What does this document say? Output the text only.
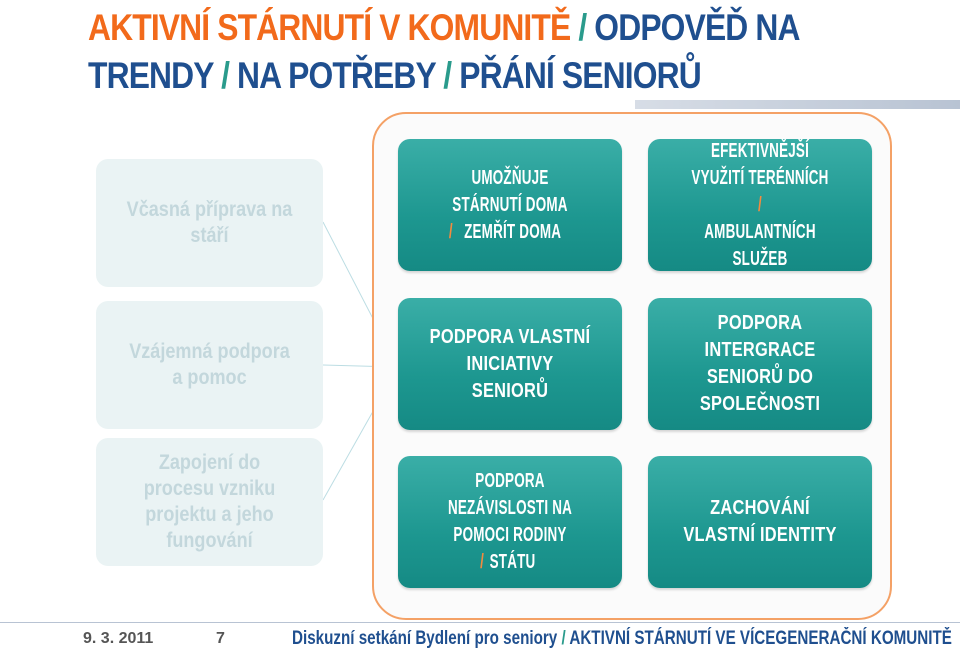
AKTIVNÍ STÁRNUTÍ V KOMUNITĚ / ODPOVĚĎ NA
TRENDY / NA POTŘEBY / PŘÁNÍ SENIORŮ
Včasná příprava na stáří
Vzájemná podpora a pomoc
Zapojení do procesu vzniku projektu a jeho fungování
UMOŽŇUJE STÁRNUTÍ DOMA/ZEMŘÍT DOMA
EFEKTIVNĚJŠÍ VYUŽITÍ TERÉNNÍCH/AMBULANTNÍCH SLUŽEB
PODPORA VLASTNÍ INICIATIVY SENIORŮ
PODPORA INTERGRACE SENIORŮ DO SPOLEČNOSTI
PODPORA NEZÁVISLOSTI NA POMOCI RODINY/STÁTU
ZACHOVÁNÍ VLASTNÍ IDENTITY
9. 3. 2011	7	Diskuzní setkání Bydlení pro seniory / AKTIVNÍ STÁRNUTÍ VE VÍCEGENERAČNÍ KOMUNITĚ
